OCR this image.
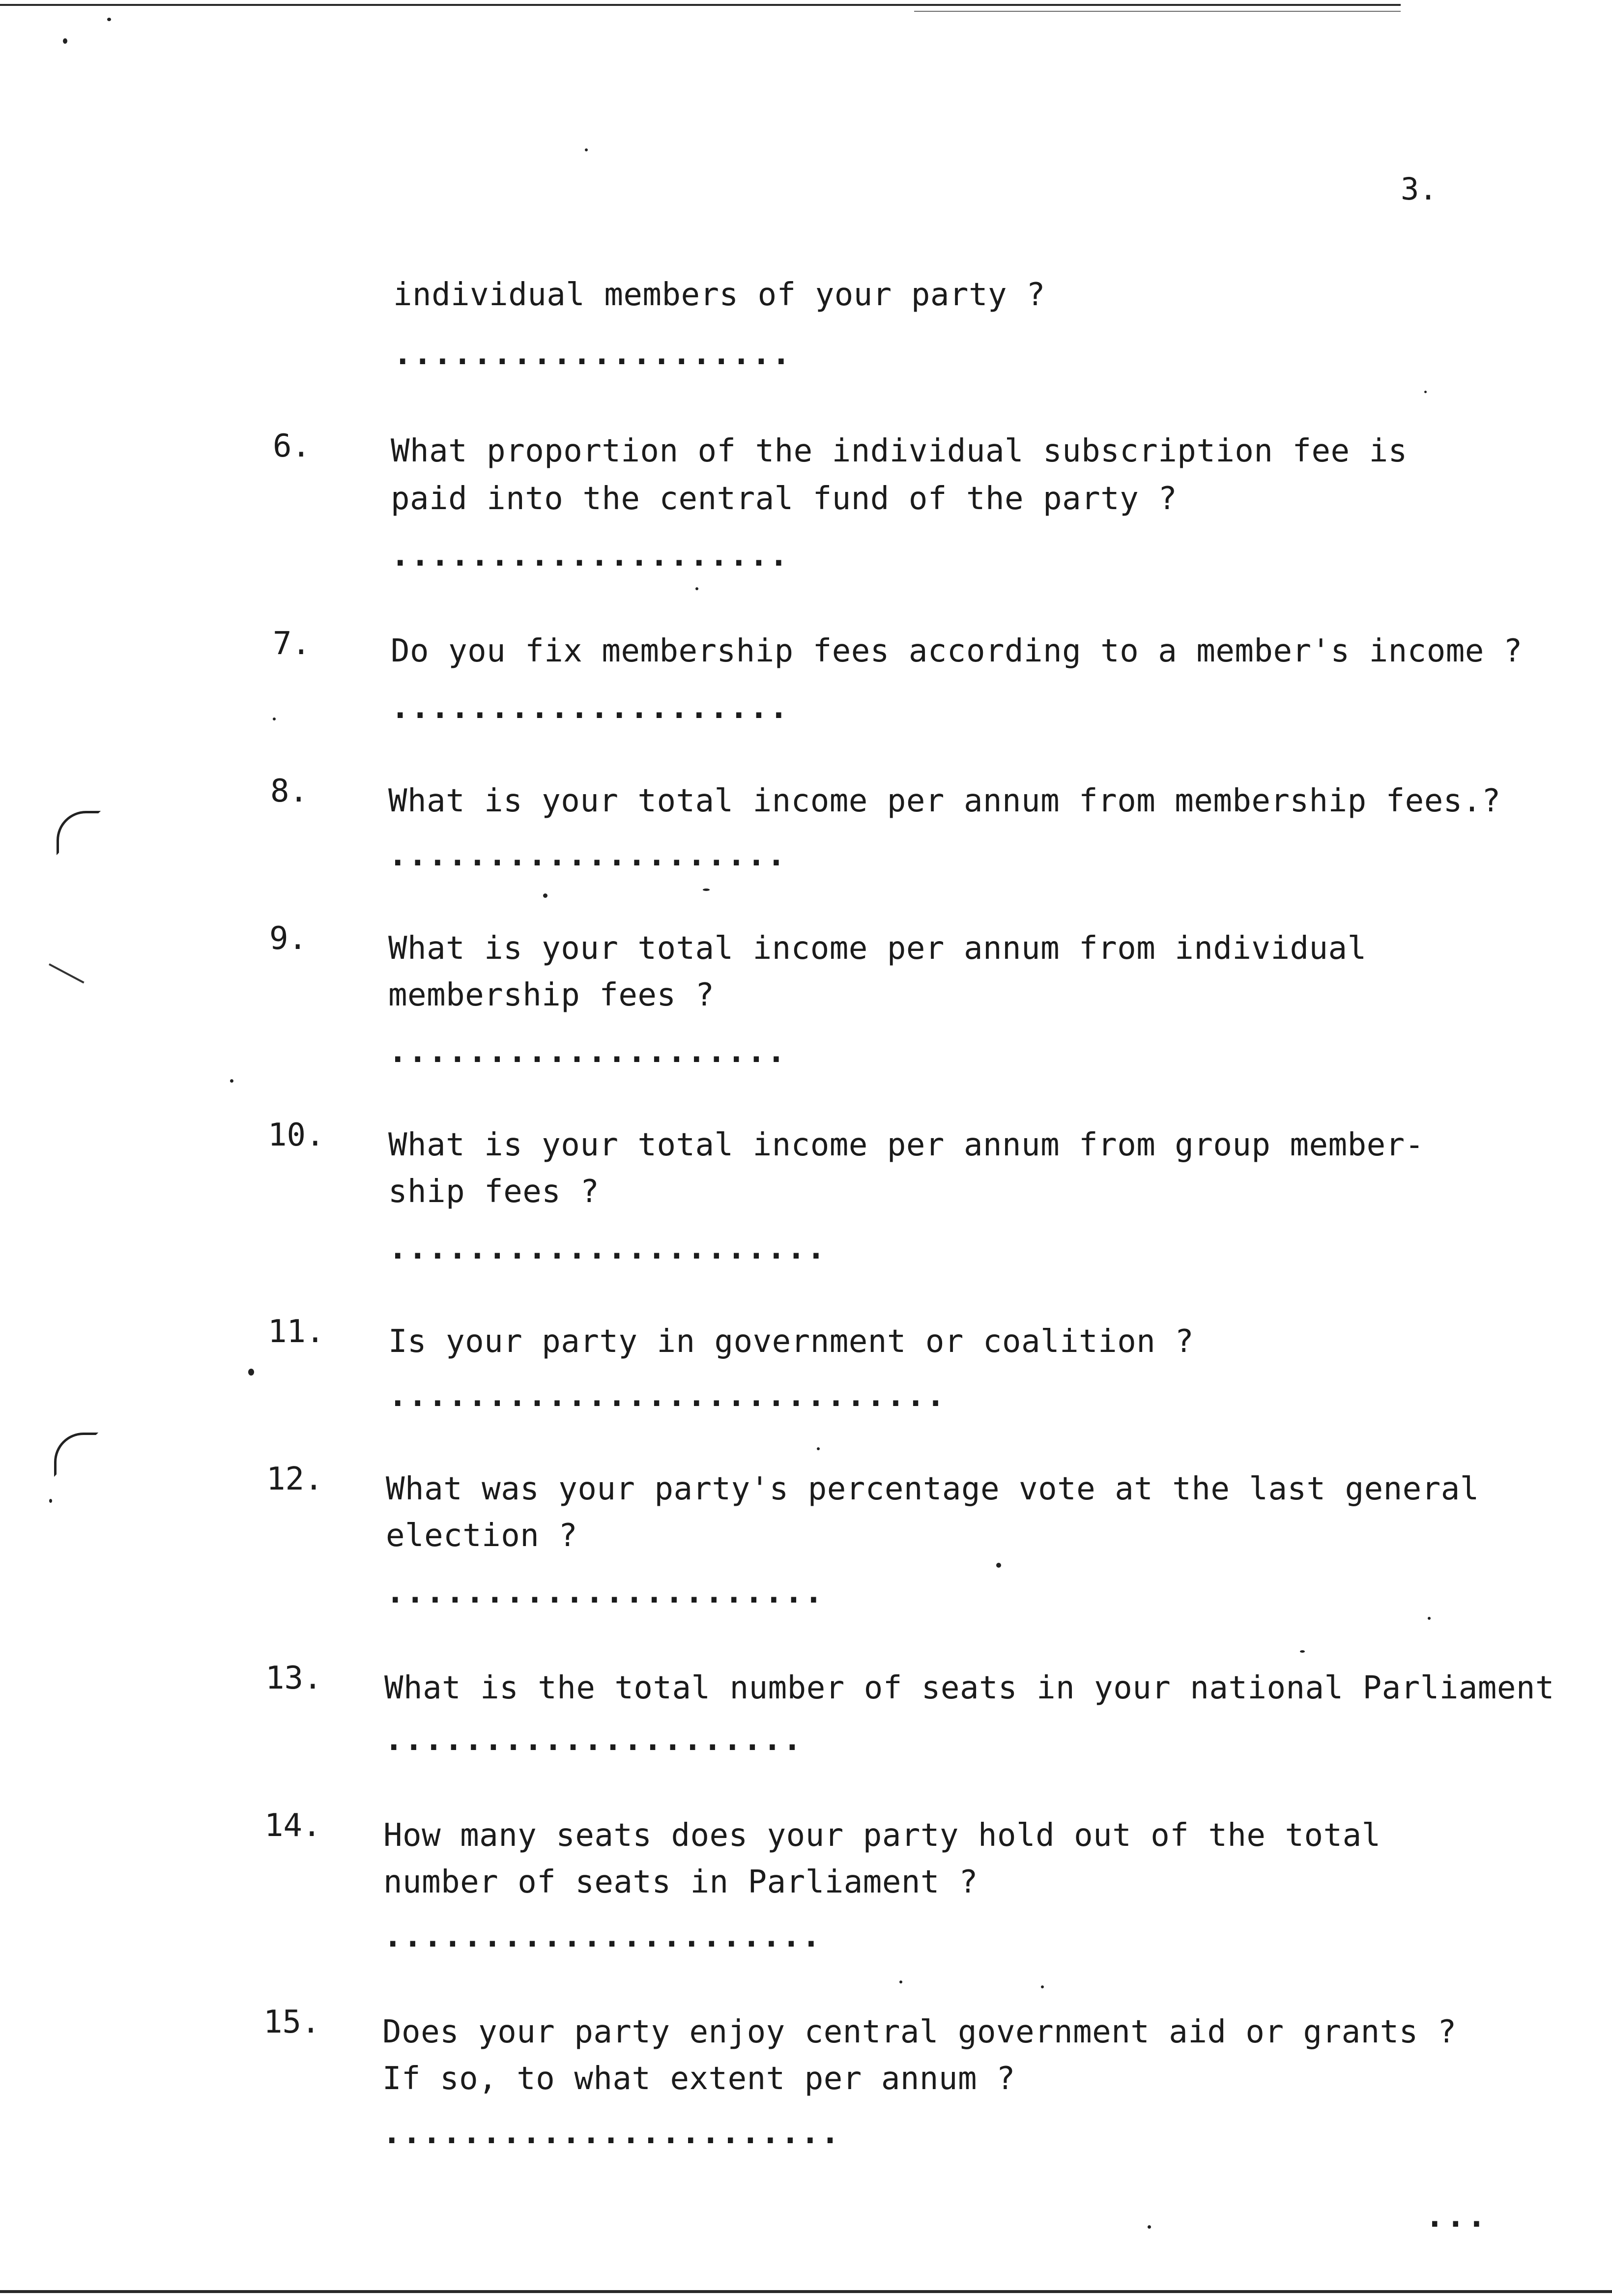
3.
individual members of your party ?
....................
6.	What proportion of the individual subscription fee is
paid into the central fund of the party ?
....................
7.	Do you fix membership fees according to a member's income ?
....................
8.	What is your total income per annum from membership fees.?
....................
9.	What is your total income per annum from individual
membership fees ?
....................
10. What is your total income per annum from group member-
ship fees ?
......................
11. Is your party in government or coalition ?
............................
12. What was your party's percentage vote at the last general
election ?
......................
13. What is the total number of seats in your national Parliament
.....................
14. How many seats does your party hold out of the total
number of seats in Parliament ?
......................
15. Does your party enjoy central government aid or grants ?
If so, to what extent per annum ?
.......................
...
